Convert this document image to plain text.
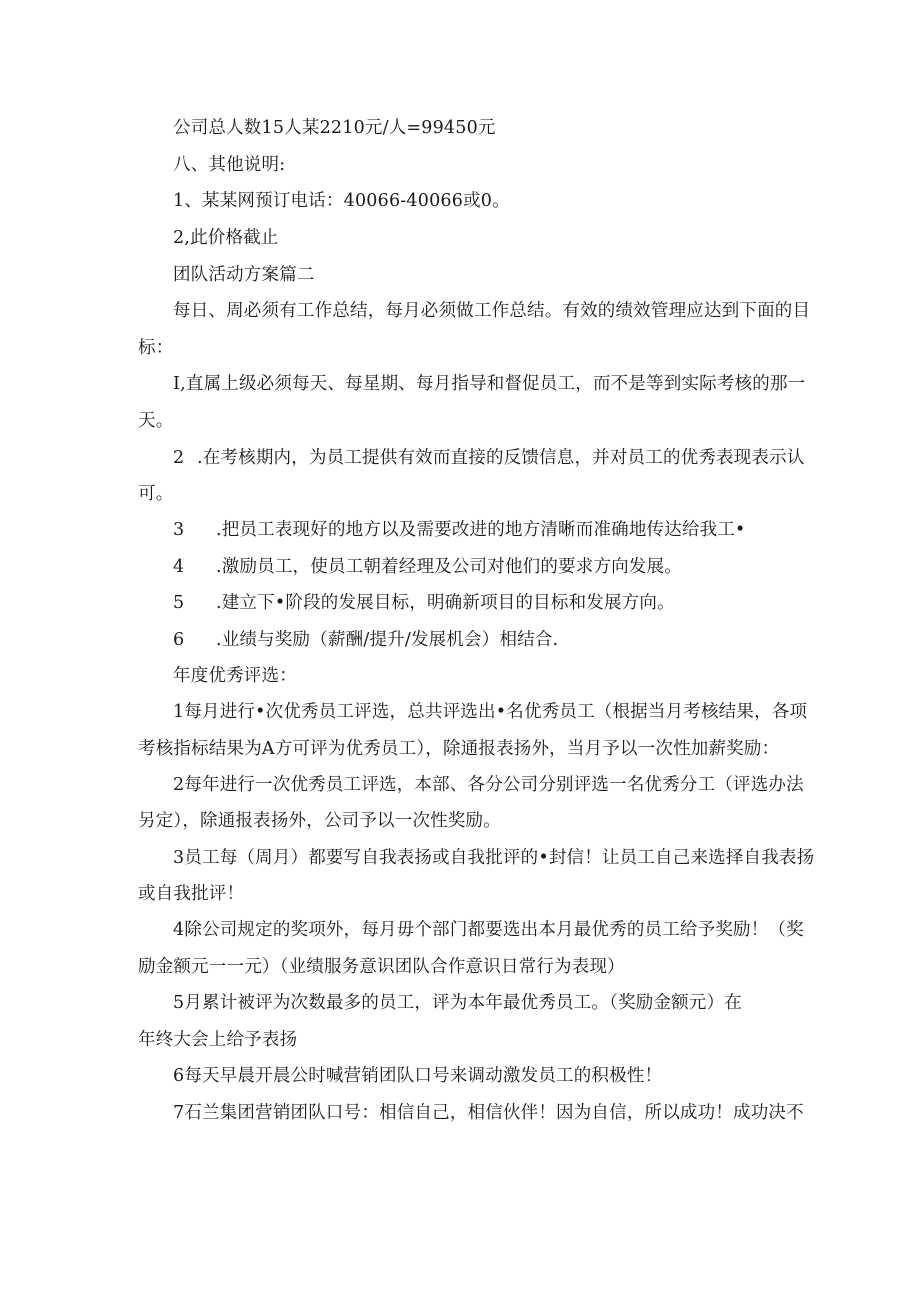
公司总人数15人某2210元/人=99450元

八、其他说明:

1、某某网预订电话：40066-40066或0。

2,此价格截止

团队活动方案篇二

每日、周必须有工作总结，每月必须做工作总结。有效的绩效管理应达到下面的目

标：

I,直属上级必须每天、每星期、每月指导和督促员工，而不是等到实际考核的那一

天。

2 .在考核期内，为员工提供有效而直接的反馈信息，并对员工的优秀表现表示认

可。

3 .把员工表现好的地方以及需要改进的地方清晰而准确地传达给我工•

4 .激励员工，使员工朝着经理及公司对他们的要求方向发展。

5 .建立下•阶段的发展目标，明确新项目的目标和发展方向。

6 .业绩与奖励（薪酬/提升/发展机会）相结合.

年度优秀评选：

1每月进行•次优秀员工评选，总共评选出•名优秀员工（根据当月考核结果，各项

考核指标结果为A方可评为优秀员工），除通报表扬外，当月予以一次性加薪奖励：

2每年进行一次优秀员工评选，本部、各分公司分别评选一名优秀分工（评选办法

另定），除通报表扬外，公司予以一次性奖励。

3员工每（周月）都要写自我表扬或自我批评的•封信！让员工自己来选择自我表扬

或自我批评！

4除公司规定的奖项外，每月毋个部门都要选出本月最优秀的员工给予奖励！（奖

励金额元一一元）（业绩服务意识团队合作意识日常行为表现）

5月累计被评为次数最多的员工，评为本年最优秀员工。（奖励金额元）在

年终大会上给予表扬

6每天早晨开晨公时喊营销团队口号来调动激发员工的积极性！

7石兰集团营销团队口号：相信自己，相信伙伴！因为自信，所以成功！成功决不
